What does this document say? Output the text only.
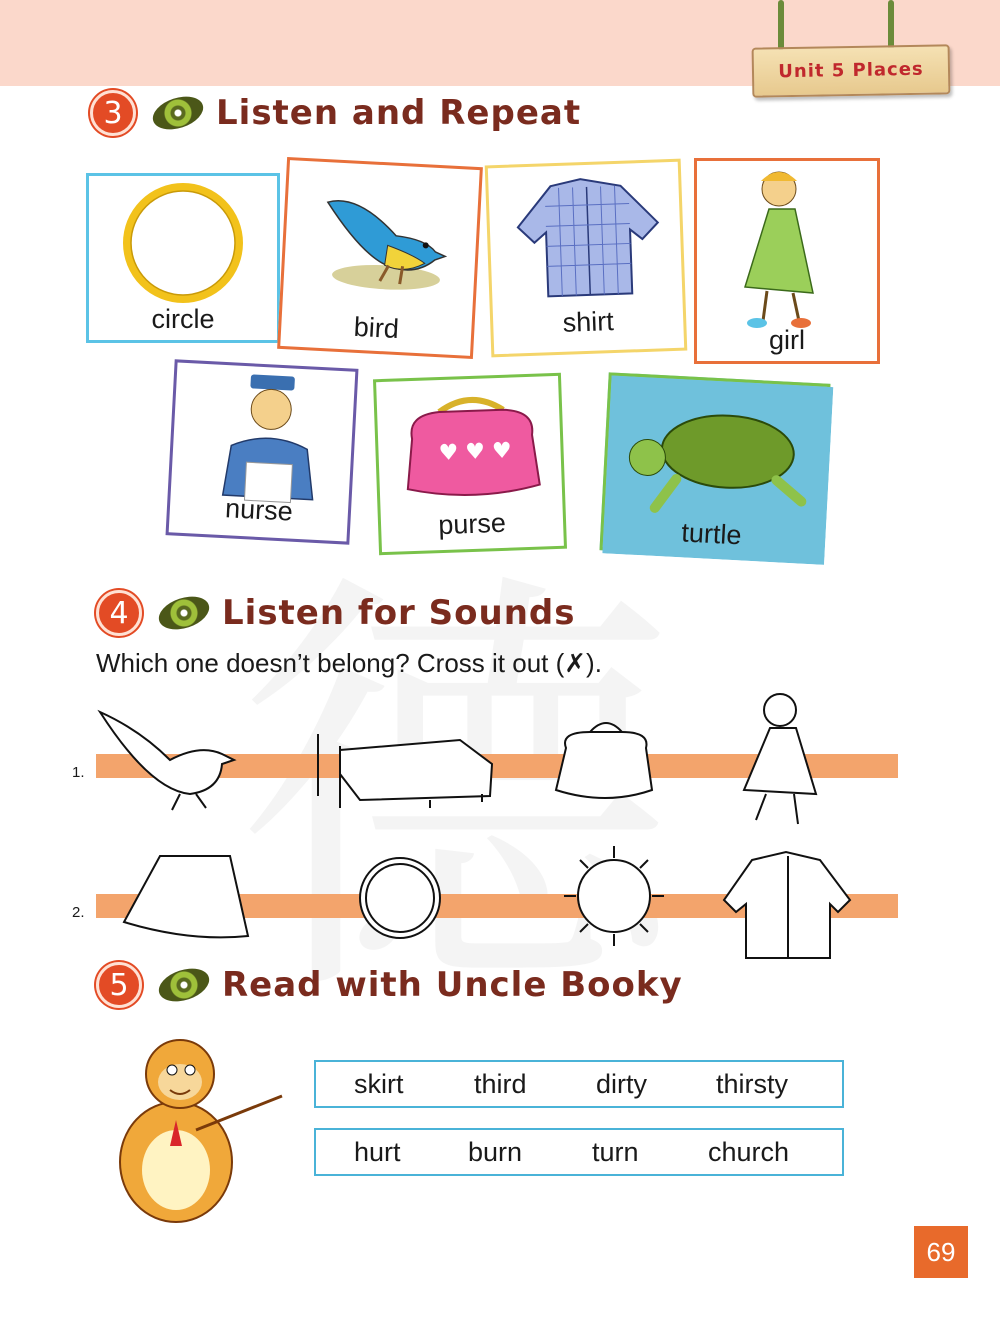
Unit 5 Places
3	Listen and Repeat
circle	bird	shirt
girl
nurse
♥ ♥ ♥
purse	turtle
4	Listen for Sounds
Which one doesn’t belong? Cross it out (✗).
1.
2.
5	Read with Uncle Booky
skirt	third	dirty	thirsty
hurt burn	turn	church
69
